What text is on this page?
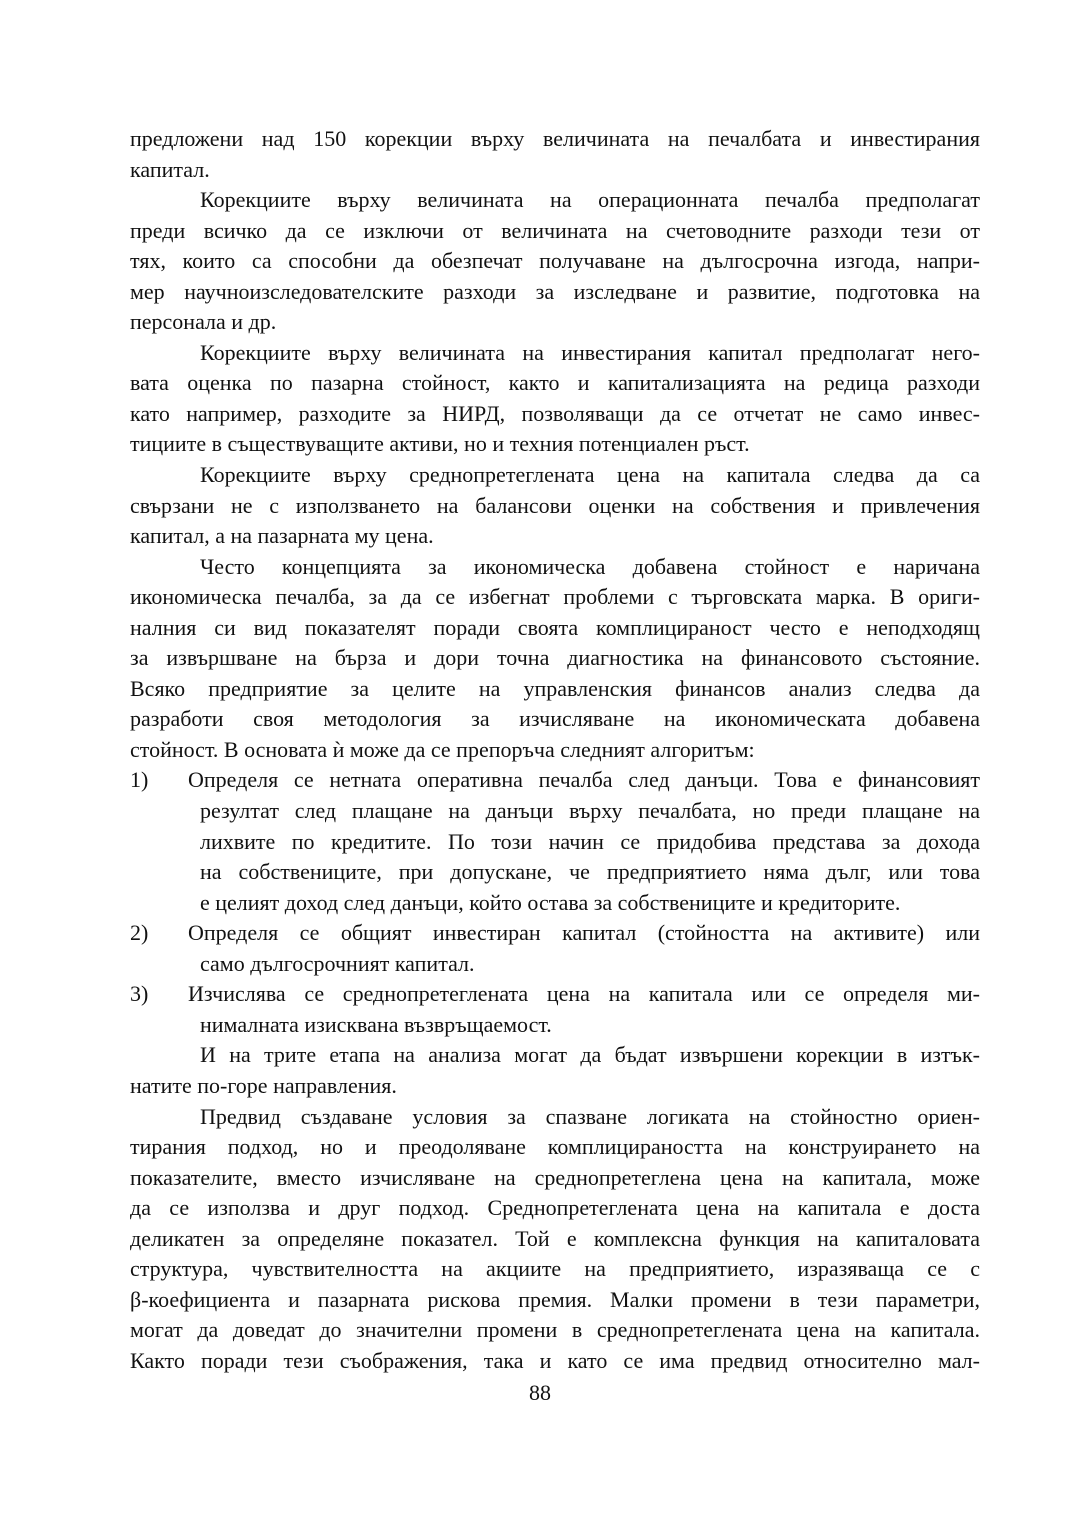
предложени над 150 корекции върху величината на печалбата и инвестирания
капитал.
Корекциите върху величината на операционната печалба предполагат
преди всичко да се изключи от величината на счетоводните разходи тези от
тях, които са способни да обезпечат получаване на дългосрочна изгода, напри-
мер научноизследователските разходи за изследване и развитие, подготовка на
персонала и др.
Корекциите върху величината на инвестирания капитал предполагат него-
вата оценка по пазарна стойност, както и капитализацията на редица разходи
като например, разходите за НИРД, позволяващи да се отчетат не само инвес-
тициите в съществуващите активи, но и техния потенциален ръст.
Корекциите върху среднопретеглената цена на капитала следва да са
свързани не с използването на балансови оценки на собствения и привлечения
капитал, а на пазарната му цена.
Често концепцията за икономическа добавена стойност е наричана
икономическа печалба, за да се избегнат проблеми с търговската марка. В ориги-
налния си вид показателят поради своята комплицираност често е неподходящ
за извършване на бърза и дори точна диагностика на финансовото състояние.
Всяко предприятие за целите на управленския финансов анализ следва да
разработи своя методология за изчисляване на икономическата добавена
стойност. В основата ѝ може да се препоръча следният алгоритъм:
1)	Определя се нетната оперативна печалба след данъци. Това е финансовият
резултат след плащане на данъци върху печалбата, но преди плащане на
лихвите по кредитите. По този начин се придобива представа за дохода
на собствениците, при допускане, че предприятието няма дълг, или това
е целият доход след данъци, който остава за собствениците и кредиторите.
2)	Определя се общият инвестиран капитал (стойността на активите) или
само дългосрочният капитал.
3)	Изчислява се среднопретеглената цена на капитала или се определя ми-
нималната изисквана възвръщаемост.
И на трите етапа на анализа могат да бъдат извършени корекции в изтък-
натите по-горе направления.
Предвид създаване условия за спазване логиката на стойностно ориен-
тирания подход, но и преодоляване комплицираността на конструирането на
показателите, вместо изчисляване на среднопретеглена цена на капитала, може
да се използва и друг подход. Среднопретеглената цена на капитала е доста
деликатен за определяне показател. Той е комплексна функция на капиталовата
структура, чувствителността на акциите на предприятието, изразяваща се с
β-коефициента и пазарната рискова премия. Малки промени в тези параметри,
могат да доведат до значителни промени в среднопретеглената цена на капитала.
Както поради тези съображения, така и като се има предвид относително мал-
88
